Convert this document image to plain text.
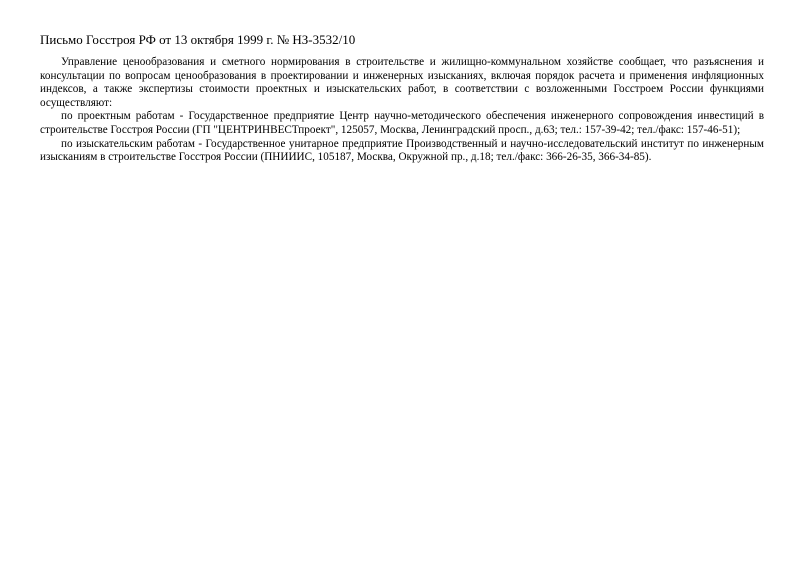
Письмо Госстроя РФ от 13 октября 1999 г. № НЗ-3532/10

Управление ценообразования и сметного нормирования в строительстве и жилищно-коммунальном хозяйстве сообщает, что разъяснения и консультации по вопросам ценообразования в проектировании и инженерных изысканиях, включая порядок расчета и применения инфляционных индексов, а также экспертизы стоимости проектных и изыскательских работ, в соответствии с возложенными Госстроем России функциями осуществляют:

по проектным работам - Государственное предприятие Центр научно-методического обеспечения инженерного сопровождения инвестиций в строительстве Госстроя России (ГП "ЦЕНТРИНВЕСТпроект", 125057, Москва, Ленинградский просп., д.63; тел.: 157-39-42; тел./факс: 157-46-51);

по изыскательским работам - Государственное унитарное предприятие Производственный и научно-исследовательский институт по инженерным изысканиям в строительстве Госстроя России (ПНИИИС, 105187, Москва, Окружной пр., д.18; тел./факс: 366-26-35, 366-34-85).
